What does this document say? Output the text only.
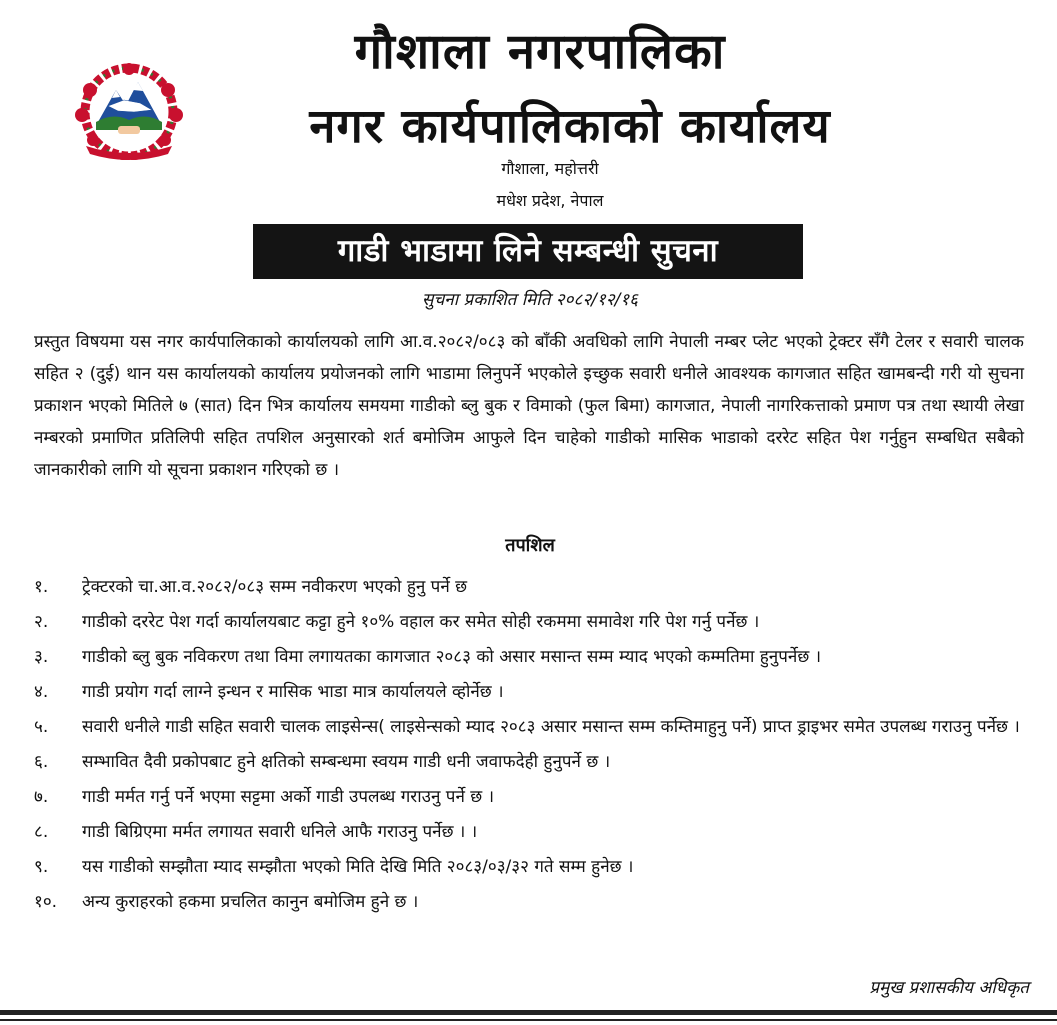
गौशाला नगरपालिका
नगर कार्यपालिकाको कार्यालय
गौशाला, महोत्तरी
मधेश प्रदेश, नेपाल
गाडी भाडामा लिने सम्बन्धी सुचना
सुचना प्रकाशित मिति २०८२/१२/१६
प्रस्तुत विषयमा यस नगर कार्यपालिकाको कार्यालयको लागि आ.व.२०८२/०८३ को बाँकी अवधिको लागि नेपाली नम्बर प्लेट भएको ट्रेक्टर सँगै टेलर र सवारी चालक सहित २ (दुई) थान यस कार्यालयको कार्यालय प्रयोजनको लागि भाडामा लिनुपर्ने भएकोले इच्छुक सवारी धनीले आवश्यक कागजात सहित खामबन्दी गरी यो सुचना प्रकाशन भएको मितिले ७ (सात) दिन भित्र कार्यालय समयमा गाडीको ब्लु बुक र विमाको (फुल बिमा) कागजात, नेपाली नागरिकत्ताको प्रमाण पत्र तथा स्थायी लेखा नम्बरको प्रमाणित प्रतिलिपी सहित तपशिल अनुसारको शर्त बमोजिम आफुले दिन चाहेको गाडीको मासिक भाडाको दररेट सहित पेश गर्नुहुन सम्बधित सबैको जानकारीको लागि यो सूचना प्रकाशन गरिएको छ ।
तपशिल
१.	ट्रेक्टरको चा.आ.व.२०८२/०८३ सम्म नवीकरण भएको हुनु पर्ने छ
२.	गाडीको दररेट पेश गर्दा कार्यालयबाट कट्टा हुने १०% वहाल कर समेत सोही रकममा समावेश गरि पेश गर्नु पर्नेछ ।
३.	गाडीको ब्लु बुक नविकरण तथा विमा लगायतका कागजात २०८३ को असार मसान्त सम्म म्याद भएको कम्मतिमा हुनुपर्नेछ ।
४.	गाडी प्रयोग गर्दा लाग्ने इन्धन र मासिक भाडा मात्र कार्यालयले व्होर्नेछ ।
५.	सवारी धनीले गाडी सहित सवारी चालक लाइसेन्स( लाइसेन्सको म्याद २०८३ असार मसान्त सम्म कम्तिमाहुनु पर्ने) प्राप्त ड्राइभर समेत उपलब्ध गराउनु पर्नेछ ।
६.	सम्भावित दैवी प्रकोपबाट हुने क्षतिको सम्बन्धमा स्वयम गाडी धनी जवाफदेही हुनुपर्ने छ ।
७.	गाडी मर्मत गर्नु पर्ने भएमा सट्टमा अर्को गाडी उपलब्ध गराउनु पर्ने छ ।
८.	गाडी बिग्रिएमा मर्मत लगायत सवारी धनिले आफै गराउनु पर्नेछ । ।
९.	यस गाडीको सम्झौता म्याद सम्झौता भएको मिति देखि मिति २०८३/०३/३२ गते सम्म हुनेछ ।
१०.	अन्य कुराहरको हकमा प्रचलित कानुन बमोजिम हुने छ ।
प्रमुख प्रशासकीय अधिकृत
